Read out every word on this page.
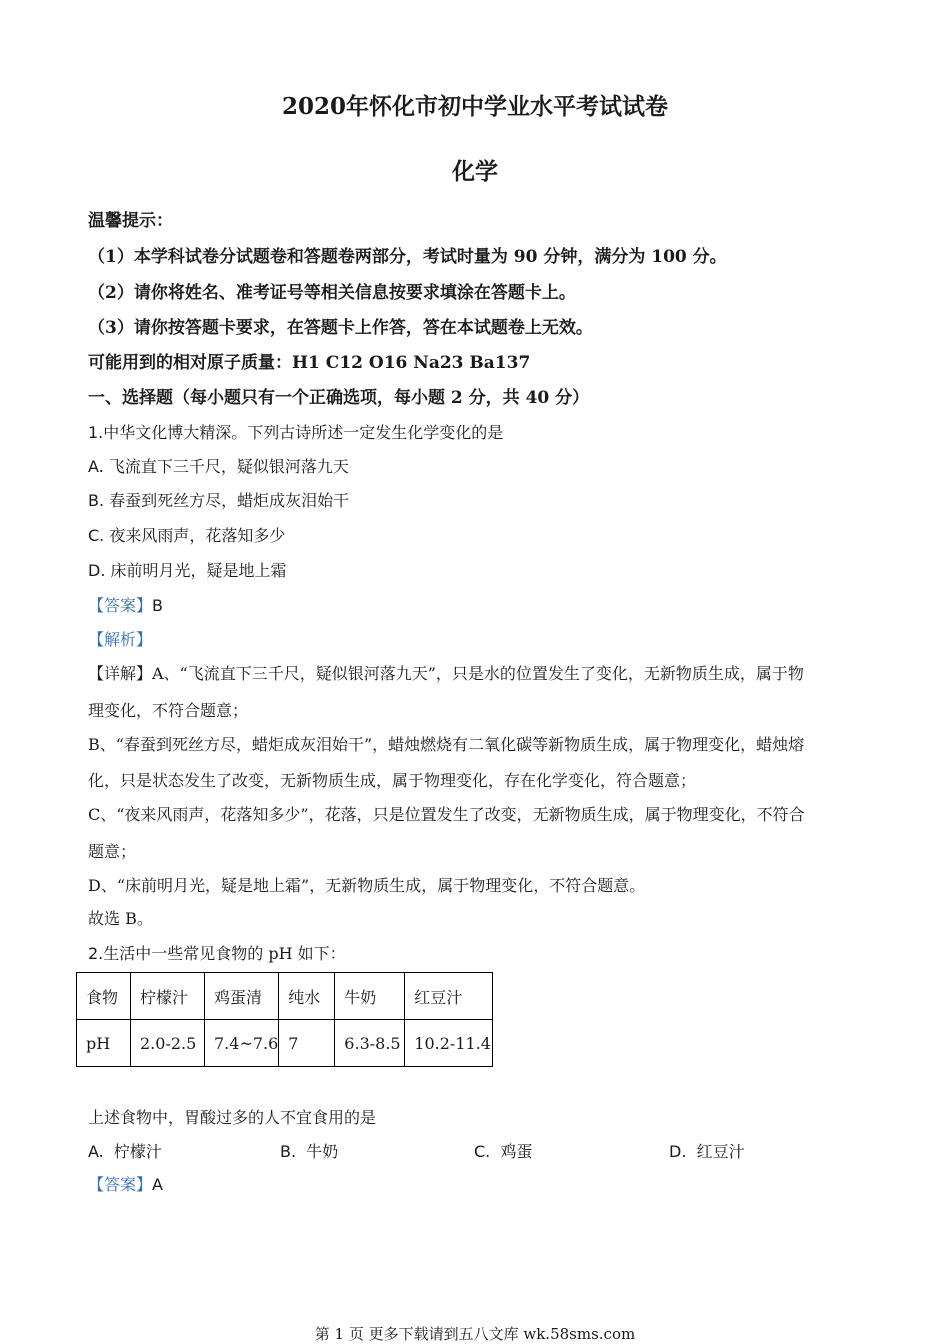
2020年怀化市初中学业水平考试试卷
化学
温馨提示：
（1）本学科试卷分试题卷和答题卷两部分，考试时量为 90 分钟，满分为 100 分。
（2）请你将姓名、准考证号等相关信息按要求填涂在答题卡上。
（3）请你按答题卡要求，在答题卡上作答，答在本试题卷上无效。
可能用到的相对原子质量：H1 C12 O16 Na23 Ba137
一、选择题（每小题只有一个正确选项，每小题 2 分，共 40 分）
1.中华文化博大精深。下列古诗所述一定发生化学变化的是
A. 飞流直下三千尺，疑似银河落九天
B. 春蚕到死丝方尽，蜡炬成灰泪始干
C. 夜来风雨声，花落知多少
D. 床前明月光，疑是地上霜
【答案】B
【解析】
【详解】A、“飞流直下三千尺，疑似银河落九天”，只是水的位置发生了变化，无新物质生成，属于物
理变化，不符合题意；
B、“春蚕到死丝方尽，蜡炬成灰泪始干”，蜡烛燃烧有二氧化碳等新物质生成，属于物理变化，蜡烛熔
化，只是状态发生了改变，无新物质生成，属于物理变化，存在化学变化，符合题意；
C、“夜来风雨声，花落知多少”，花落，只是位置发生了改变，无新物质生成，属于物理变化，不符合
题意；
D、“床前明月光，疑是地上霜”，无新物质生成，属于物理变化，不符合题意。
故选 B。
2.生活中一些常见食物的 pH 如下：
食物	柠檬汁	鸡蛋清	纯水	牛奶	红豆汁
pH	2.0-2.5	7.4~7.6	7	6.3-8.5	10.2-11.4
上述食物中，胃酸过多的人不宜食用的是
A. 柠檬汁	B. 牛奶	C. 鸡蛋	D. 红豆汁
【答案】A
第 1 页 更多下载请到五八文库 wk.58sms.com
